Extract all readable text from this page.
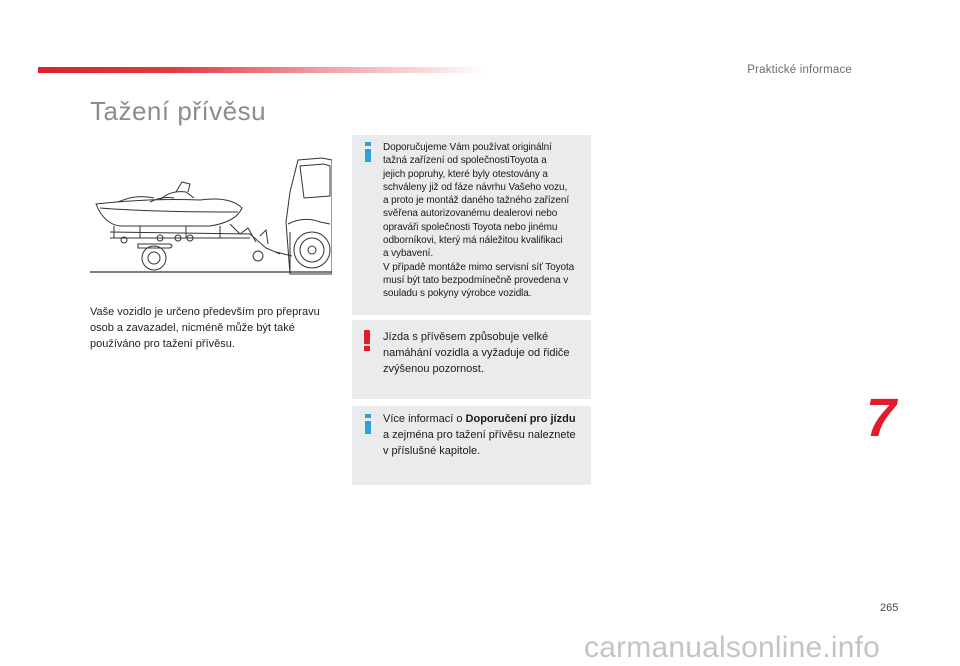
Praktické informace
Tažení přívěsu
Vaše vozidlo je určeno především pro přepravu osob a zavazadel, nicméně může být také používáno pro tažení přívěsu.
Doporučujeme Vám používat originální
tažná zařízení od společnostiToyota a
jejich popruhy, které byly otestovány a
schváleny již od fáze návrhu Vašeho vozu,
a proto je montáž daného tažného zařízení
svěřena autorizovanému dealerovi nebo
opraváři společnosti Toyota nebo jinému
odborníkovi, který má náležitou kvalifikaci
a vybavení.
V případě montáže mimo servisní síť Toyota
musí být tato bezpodmínečně provedena v
souladu s pokyny výrobce vozidla.
Jízda s přívěsem způsobuje velké
namáhání vozidla a vyžaduje od řidiče
zvýšenou pozornost.
Více informací o Doporučení pro jízdu
a zejména pro tažení přívěsu naleznete
v příslušné kapitole.
7
265
carmanualsonline.info
